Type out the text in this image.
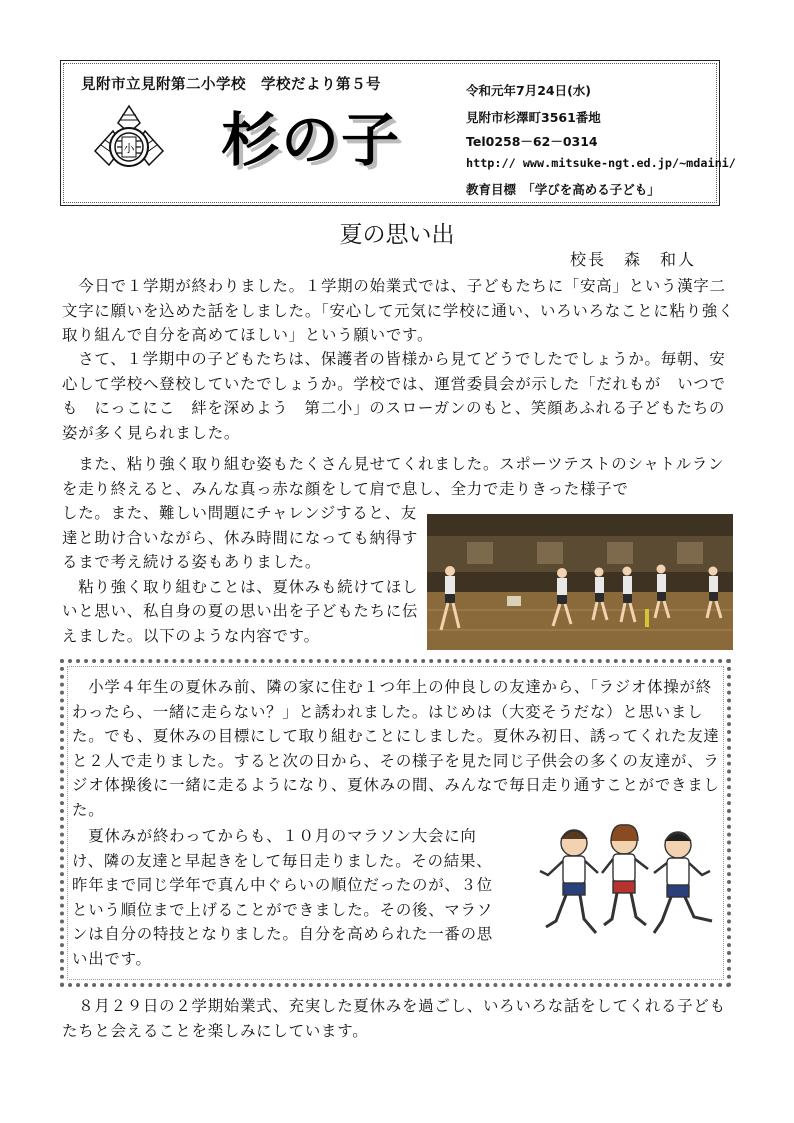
小
見附市立見附第二小学校　学校だより第５号
杉の子
令和元年7月24日(水)
見附市杉澤町3561番地
Tel0258－62－0314
http:// www.mitsuke-ngt.ed.jp/~mdaini/
教育目標　「学びを高める子ども」
夏の思い出
校長　森　和人

　今日で１学期が終わりました。１学期の始業式では、子どもたちに「安高」という漢字二文字に願いを込めた話をしました。「安心して元気に学校に通い、いろいろなことに粘り強く取り組んで自分を高めてほしい」という願いです。

　さて、１学期中の子どもたちは、保護者の皆様から見てどうでしたでしょうか。毎朝、安心して学校へ登校していたでしょうか。学校では、運営委員会が示した「だれもが　いつでも　にっこにこ　絆を深めよう　第二小」のスローガンのもと、笑顔あふれる子どもたちの姿が多く見られました。

　また、粘り強く取り組む姿もたくさん見せてくれました。スポーツテストのシャトルランを走り終えると、みんな真っ赤な顔をして肩で息し、全力で走りきった様子で

した。また、難しい問題にチャレンジすると、友達と助け合いながら、休み時間になっても納得するまで考え続ける姿もありました。
　粘り強く取り組むことは、夏休みも続けてほしいと思い、私自身の夏の思い出を子どもたちに伝えました。以下のような内容です。

　小学４年生の夏休み前、隣の家に住む１つ年上の仲良しの友達から、「ラジオ体操が終わったら、一緒に走らない？」と誘われました。はじめは（大変そうだな）と思いました。でも、夏休みの目標にして取り組むことにしました。夏休み初日、誘ってくれた友達と２人で走りました。すると次の日から、その様子を見た同じ子供会の多くの友達が、ラジオ体操後に一緒に走るようになり、夏休みの間、みんなで毎日走り通すことができました。

　夏休みが終わってからも、１０月のマラソン大会に向け、隣の友達と早起きをして毎日走りました。その結果、昨年まで同じ学年で真ん中ぐらいの順位だったのが、３位という順位まで上げることができました。その後、マラソンは自分の特技となりました。自分を高められた一番の思い出です。

　８月２９日の２学期始業式、充実した夏休みを過ごし、いろいろな話をしてくれる子どもたちと会えることを楽しみにしています。
